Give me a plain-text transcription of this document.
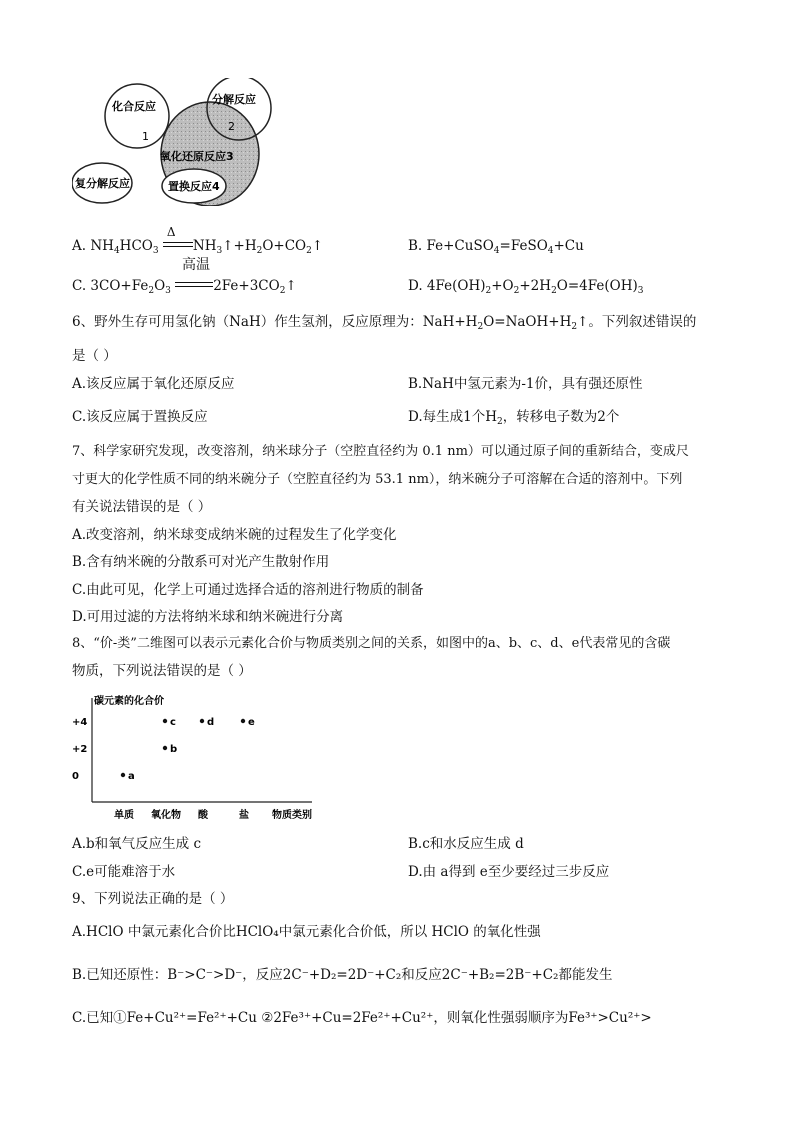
化合反应
分解反应
氧化还原反应3
复分解反应	置换反应4
1
2
A. $NH_4HCO_3$
Δ
$NH_3↑+H_2O+CO_2↑$
高温
B. Fe+CuSO$_4$=FeSO$_4$+Cu
C. $3CO+Fe_2O_3$	$2Fe+3CO_2↑$	D. $4Fe(OH)_2+O_2+2H_2O=4Fe(OH)_3$
6、野外生存可用氢化钠（NaH）作生氢剂，反应原理为：$NaH+H_2O=NaOH+H_2↑$。下列叙述错误的
是（ ）
A.该反应属于氧化还原反应	B.NaH中氢元素为-1价，具有强还原性
C.该反应属于置换反应	D.每生成1个$H_2$，转移电子数为2个
7、科学家研究发现，改变溶剂，纳米球分子（空腔直径约为 0.1 nm）可以通过原子间的重新结合，变成尺
寸更大的化学性质不同的纳米碗分子（空腔直径约为 53.1 nm），纳米碗分子可溶解在合适的溶剂中。下列
有关说法错误的是（ ）
A.改变溶剂，纳米球变成纳米碗的过程发生了化学变化
B.含有纳米碗的分散系可对光产生散射作用
C.由此可见，化学上可通过选择合适的溶剂进行物质的制备
D.可用过滤的方法将纳米球和纳米碗进行分离
8、“价-类”二维图可以表示元素化合价与物质类别之间的关系，如图中的a、b、c、d、e代表常见的含碳
物质，下列说法错误的是（ ）
碳元素的化合价
物质类别
+4
+2
0
单质 氧化物 酸	盐
a
b
c	d	e
A.b和氧气反应生成 c	B.c和水反应生成 d
C.e可能难溶于水	D.由 a得到 e至少要经过三步反应
9、下列说法正确的是（ ）
A.HClO 中氯元素化合价比HClO₄中氯元素化合价低，所以 HClO 的氧化性强
B.已知还原性：B⁻>C⁻>D⁻，反应2C⁻+D₂=2D⁻+C₂和反应2C⁻+B₂=2B⁻+C₂都能发生
C.已知①Fe+Cu²⁺=Fe²⁺+Cu ②2Fe³⁺+Cu=2Fe²⁺+Cu²⁺，则氧化性强弱顺序为Fe³⁺>Cu²⁺>
